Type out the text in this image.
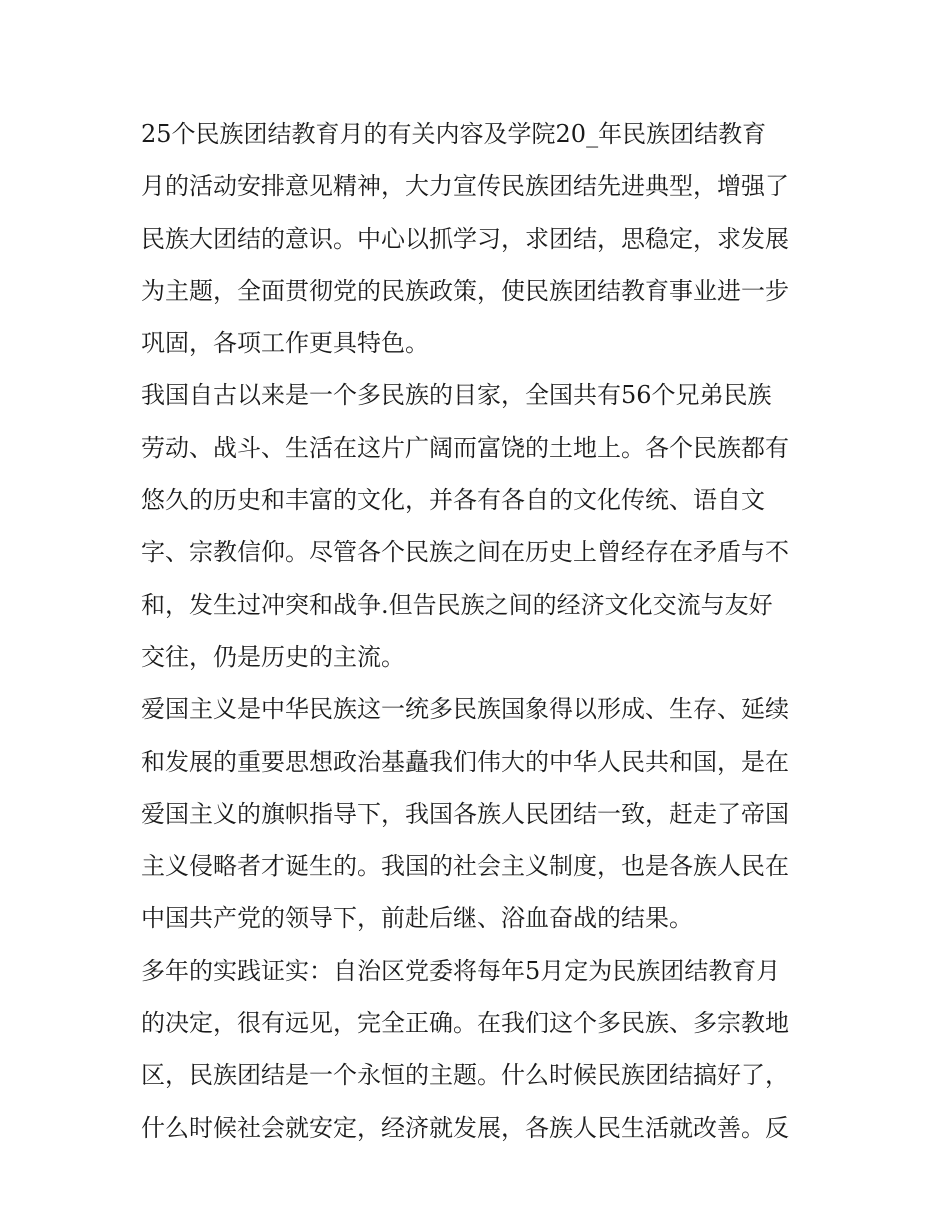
25个民族团结教育月的有关内容及学院20_年民族团结教育
月的活动安排意见精神，大力宣传民族团结先进典型，增强了
民族大团结的意识。中心以抓学习，求团结，思稳定，求发展
为主题，全面贯彻党的民族政策，使民族团结教育事业进一步
巩固，各项工作更具特色。
我国自古以来是一个多民族的目家，全国共有56个兄弟民族
劳动、战斗、生活在这片广阔而富饶的土地上。各个民族都有
悠久的历史和丰富的文化，并各有各自的文化传统、语自文
字、宗教信仰。尽管各个民族之间在历史上曾经存在矛盾与不
和，发生过冲突和战争.但告民族之间的经济文化交流与友好
交往，仍是历史的主流。
爱国主义是中华民族这一统多民族国象得以形成、生存、延续
和发展的重要思想政治基矗我们伟大的中华人民共和国，是在
爱国主义的旗帜指导下，我国各族人民团结一致，赶走了帝国
主义侵略者才诞生的。我国的社会主义制度，也是各族人民在
中国共产党的领导下，前赴后继、浴血奋战的结果。
多年的实践证实：自治区党委将每年5月定为民族团结教育月
的决定，很有远见，完全正确。在我们这个多民族、多宗教地
区，民族团结是一个永恒的主题。什么时候民族团结搞好了，
什么时候社会就安定，经济就发展，各族人民生活就改善。反
